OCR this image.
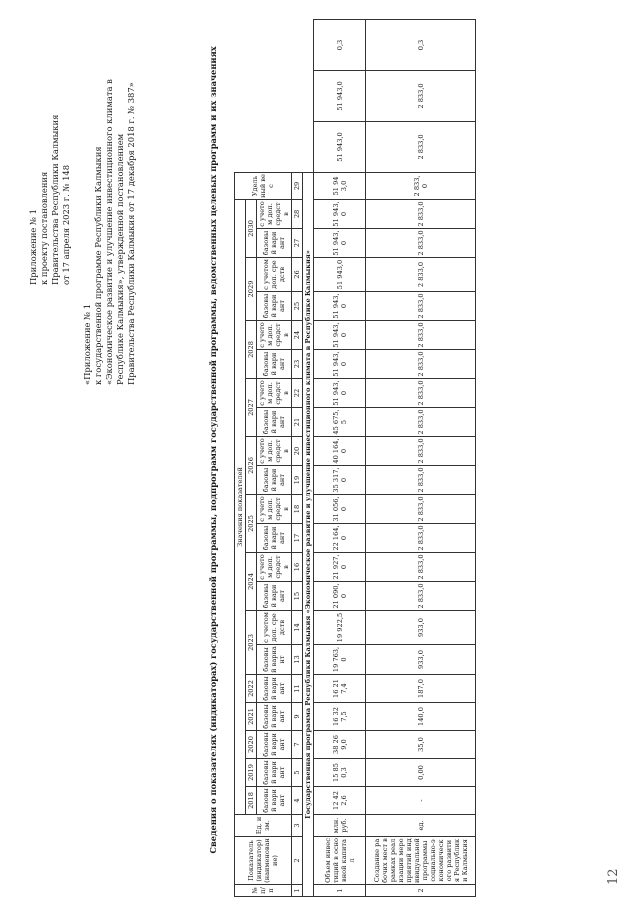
12
Приложение № 1 к проекту постановления Правительства Республики Калмыкия от 17 апреля 2023 г. № 148
«Приложение № 1 к государственной программе Республики Калмыкия «Экономическое развитие и улучшение инвестиционного климата в Республике Калмыкия», утвержденной постановлением Правительства Республики Калмыкия от 17 декабря 2018 г. № 387»	Сведения о показателях (индикаторах) государственной программы, подпрограмм государственной программы, ведомственных целевых программ и их значениях
№ п/п	Показатель (индикатор) (наименование)	Ед. изм.	Значения показателей																					Удельный вес			
			2018	2019	2020	2021	2022	2023		2024		2025		2026		2027		2028		2029		2030					
			базовый вариант	базовый вариант	базовый вариант	базовый вариант	базовый вариант	базовый вариант	с учетом доп. средств	базовый вариант	с учетом доп. средств	базовый вариант	с учетом доп. средств	базовый вариант	с учетом доп. средств	базовый вариант	с учетом доп. средств	базовый вариант	с учетом доп. средств	базовый вариант	с учетом доп. средств	базовый вариант	с учетом доп. средств				
1	2	3	4	5	7	9	11	13	14	15	16	17	18	19	20	21	22	23	24	25	26	27	28	29			
Государственная программа Республики Калмыкия «Экономическое развитие и улучшение инвестиционного климата в Республике Калмыкия»																											
1	Объем инвестиций в основной капитал	млн. руб.	12 422,6	15 850,3	38 269,0	16 327,5	16 217,4	19 763,0	19 922,5	21 090,0	21 927,0	22 164,0	31 056,0	35 317,0	40 164,0	45 675,5	51 943,0	51 943,0	51 943,0	51 943,0	51 943,0	51 943,0	51 943,0	51 943,0	51 943,0	51 943,0	0,3
2	Создание рабочих мест в рамках реализации мероприятий индивидуальной программы социально-экономического развития Республики Калмыкия	ед.	-	0,00	35,0	140,0	187,0	933,0	933,0	2 833,0	2 833,0	2 833,0	2 833,0	2 833,0	2 833,0	2 833,0	2 833,0	2 833,0	2 833,0	2 833,0	2 833,0	2 833,0	2 833,0	2 833,0	2 833,0	2 833,0	0,3
